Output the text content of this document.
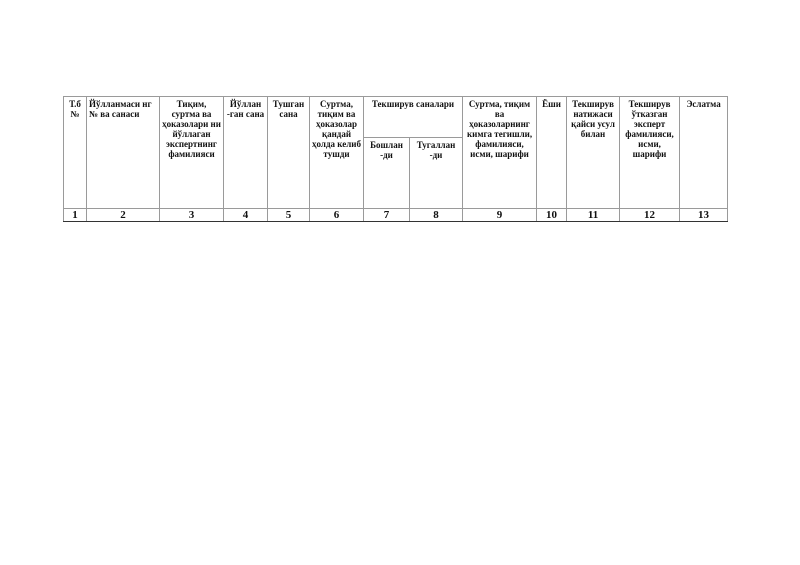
Т.б №	Йўлланмаси нг № ва санаси	Тиқим, суртма ва ҳоказолари ни йўллаган экспертнинг фамилияси	Йўллан -ган сана	Тушган сана	Суртма, тиқим ва ҳоказолар қандай ҳолда келиб тушди	Текширув саналари		Суртма, тиқим ва ҳоказоларнинг кимга тегишли, фамилияси, исми, шарифи	Ёши	Текширув натижаси қайси усул билан	Текширув ўтказган эксперт фамилияси, исми, шарифи	Эслатма
						Бошлан -ди	Тугаллан -ди					
1	2	3	4	5	6	7	8	9	10	11	12	13
